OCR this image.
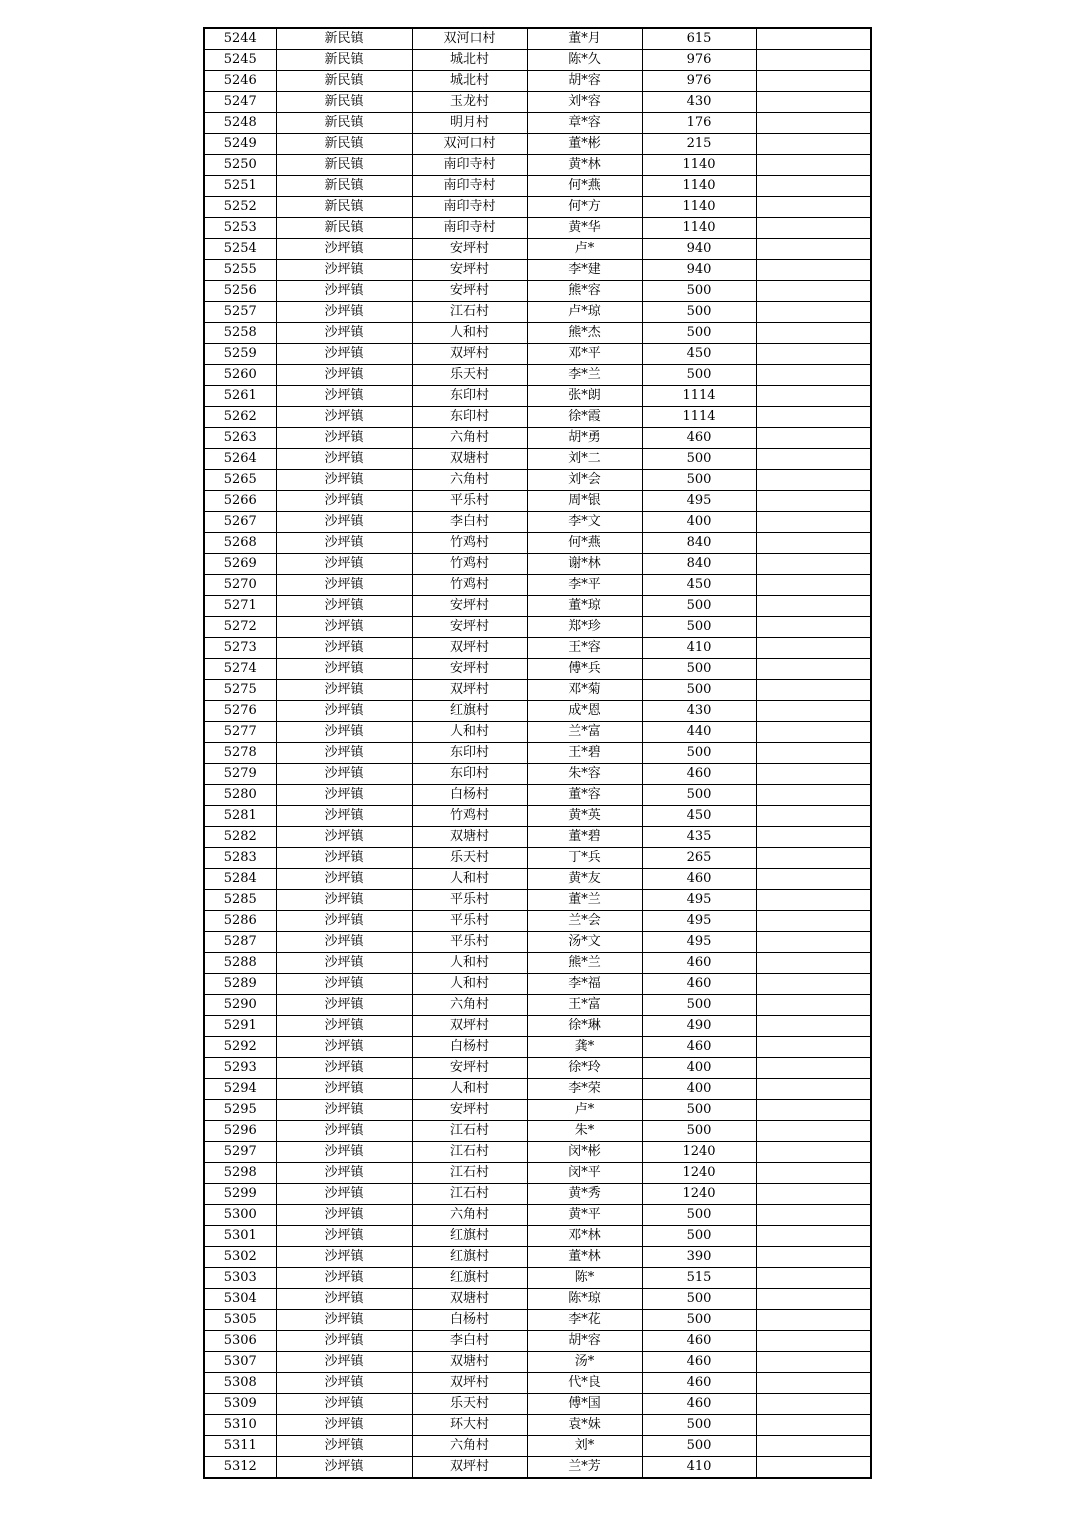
5244	新民镇	双河口村	董*月	615	
5245	新民镇	城北村	陈*久	976	
5246	新民镇	城北村	胡*容	976	
5247	新民镇	玉龙村	刘*容	430	
5248	新民镇	明月村	章*容	176	
5249	新民镇	双河口村	董*彬	215	
5250	新民镇	南印寺村	黄*林	1140	
5251	新民镇	南印寺村	何*燕	1140	
5252	新民镇	南印寺村	何*方	1140	
5253	新民镇	南印寺村	黄*华	1140	
5254	沙坪镇	安坪村	卢*	940	
5255	沙坪镇	安坪村	李*建	940	
5256	沙坪镇	安坪村	熊*容	500	
5257	沙坪镇	江石村	卢*琼	500	
5258	沙坪镇	人和村	熊*杰	500	
5259	沙坪镇	双坪村	邓*平	450	
5260	沙坪镇	乐天村	李*兰	500	
5261	沙坪镇	东印村	张*朗	1114	
5262	沙坪镇	东印村	徐*霞	1114	
5263	沙坪镇	六角村	胡*勇	460	
5264	沙坪镇	双塘村	刘*二	500	
5265	沙坪镇	六角村	刘*会	500	
5266	沙坪镇	平乐村	周*银	495	
5267	沙坪镇	李白村	李*文	400	
5268	沙坪镇	竹鸡村	何*燕	840	
5269	沙坪镇	竹鸡村	谢*林	840	
5270	沙坪镇	竹鸡村	李*平	450	
5271	沙坪镇	安坪村	董*琼	500	
5272	沙坪镇	安坪村	郑*珍	500	
5273	沙坪镇	双坪村	王*容	410	
5274	沙坪镇	安坪村	傅*兵	500	
5275	沙坪镇	双坪村	邓*菊	500	
5276	沙坪镇	红旗村	成*恩	430	
5277	沙坪镇	人和村	兰*富	440	
5278	沙坪镇	东印村	王*碧	500	
5279	沙坪镇	东印村	朱*容	460	
5280	沙坪镇	白杨村	董*容	500	
5281	沙坪镇	竹鸡村	黄*英	450	
5282	沙坪镇	双塘村	董*碧	435	
5283	沙坪镇	乐天村	丁*兵	265	
5284	沙坪镇	人和村	黄*友	460	
5285	沙坪镇	平乐村	董*兰	495	
5286	沙坪镇	平乐村	兰*会	495	
5287	沙坪镇	平乐村	汤*文	495	
5288	沙坪镇	人和村	熊*兰	460	
5289	沙坪镇	人和村	李*福	460	
5290	沙坪镇	六角村	王*富	500	
5291	沙坪镇	双坪村	徐*琳	490	
5292	沙坪镇	白杨村	龚*	460	
5293	沙坪镇	安坪村	徐*玲	400	
5294	沙坪镇	人和村	李*荣	400	
5295	沙坪镇	安坪村	卢*	500	
5296	沙坪镇	江石村	朱*	500	
5297	沙坪镇	江石村	闵*彬	1240	
5298	沙坪镇	江石村	闵*平	1240	
5299	沙坪镇	江石村	黄*秀	1240	
5300	沙坪镇	六角村	黄*平	500	
5301	沙坪镇	红旗村	邓*林	500	
5302	沙坪镇	红旗村	董*林	390	
5303	沙坪镇	红旗村	陈*	515	
5304	沙坪镇	双塘村	陈*琼	500	
5305	沙坪镇	白杨村	李*花	500	
5306	沙坪镇	李白村	胡*容	460	
5307	沙坪镇	双塘村	汤*	460	
5308	沙坪镇	双坪村	代*良	460	
5309	沙坪镇	乐天村	傅*国	460	
5310	沙坪镇	环大村	袁*妹	500	
5311	沙坪镇	六角村	刘*	500	
5312	沙坪镇	双坪村	兰*芳	410	
